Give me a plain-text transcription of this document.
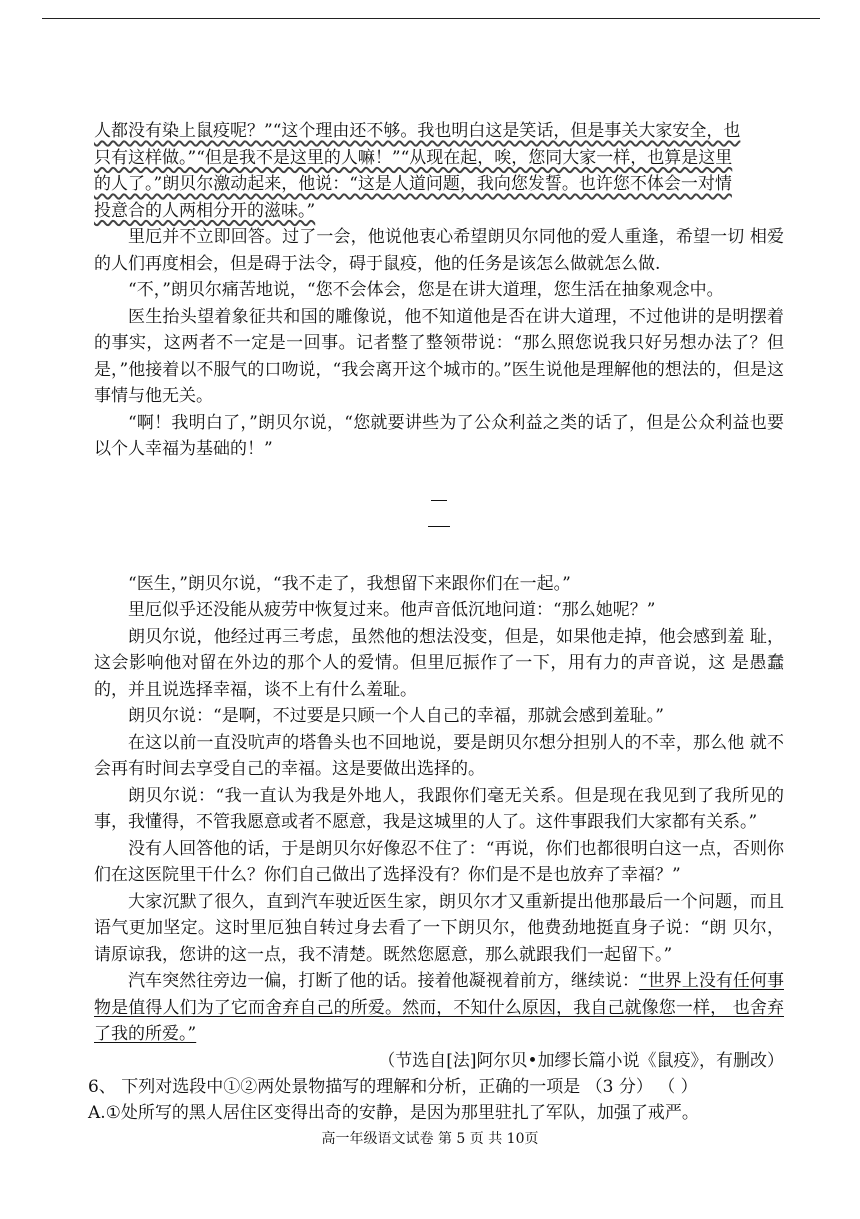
人都没有染上鼠疫呢？”“这个理由还不够。我也明白这是笑话，但是事关大家安全，也

只有这样做。”“但是我不是这里的人嘛！”“从现在起，唉，您同大家一样，也算是这里

的人了。”朗贝尔激动起来，他说：“这是人道问题，我向您发誓。也许您不体会一对情

投意合的人两相分开的滋味。”

里厄并不立即回答。过了一会，他说他衷心希望朗贝尔同他的爱人重逢，希望一切 相爱的人们再度相会，但是碍于法令，碍于鼠疫，他的任务是该怎么做就怎么做.

“不，”朗贝尔痛苦地说，“您不会体会，您是在讲大道理，您生活在抽象观念中。

医生抬头望着象征共和国的雕像说，他不知道他是否在讲大道理，不过他讲的是明摆着的事实，这两者不一定是一回事。记者整了整领带说：“那么照您说我只好另想办法了？但是，”他接着以不服气的口吻说，“我会离开这个城市的。”医生说他是理解他的想法的，但是这事情与他无关。

“啊！我明白了，”朗贝尔说，“您就要讲些为了公众利益之类的话了，但是公众利益也要以个人幸福为基础的！”

“医生，”朗贝尔说，“我不走了，我想留下来跟你们在一起。”

里厄似乎还没能从疲劳中恢复过来。他声音低沉地问道：“那么她呢？”

朗贝尔说，他经过再三考虑，虽然他的想法没变，但是，如果他走掉，他会感到羞 耻，这会影响他对留在外边的那个人的爱情。但里厄振作了一下，用有力的声音说，这 是愚蠢的，并且说选择幸福，谈不上有什么羞耻。

朗贝尔说：“是啊，不过要是只顾一个人自己的幸福，那就会感到羞耻。”

在这以前一直没吭声的塔鲁头也不回地说，要是朗贝尔想分担别人的不幸，那么他 就不会再有时间去享受自己的幸福。这是要做出选择的。

朗贝尔说：“我一直认为我是外地人，我跟你们毫无关系。但是现在我见到了我所见的事，我懂得，不管我愿意或者不愿意，我是这城里的人了。这件事跟我们大家都有关系。”

没有人回答他的话，于是朗贝尔好像忍不住了：“再说，你们也都很明白这一点，否则你们在这医院里干什么？你们自己做出了选择没有？你们是不是也放弃了幸福？”

大家沉默了很久，直到汽车驶近医生家，朗贝尔才又重新提出他那最后一个问题，而且语气更加坚定。这时里厄独自转过身去看了一下朗贝尔，他费劲地挺直身子说：“朗 贝尔，请原谅我，您讲的这一点，我不清楚。既然您愿意，那么就跟我们一起留下。”

汽车突然往旁边一偏，打断了他的话。接着他凝视着前方，继续说：“世界上没有任何事物是值得人们为了它而舍弃自己的所爱。然而，不知什么原因，我自己就像您一样， 也舍弃了我的所爱。”

（节选自[法]阿尔贝•加缪长篇小说《鼠疫》，有删改）

6、 下列对选段中①②两处景物描写的理解和分析，正确的一项是 （3 分） （ ）

A.①处所写的黑人居住区变得出奇的安静，是因为那里驻扎了军队，加强了戒严。

高一年级语文试卷 第 5 页 共 10页
